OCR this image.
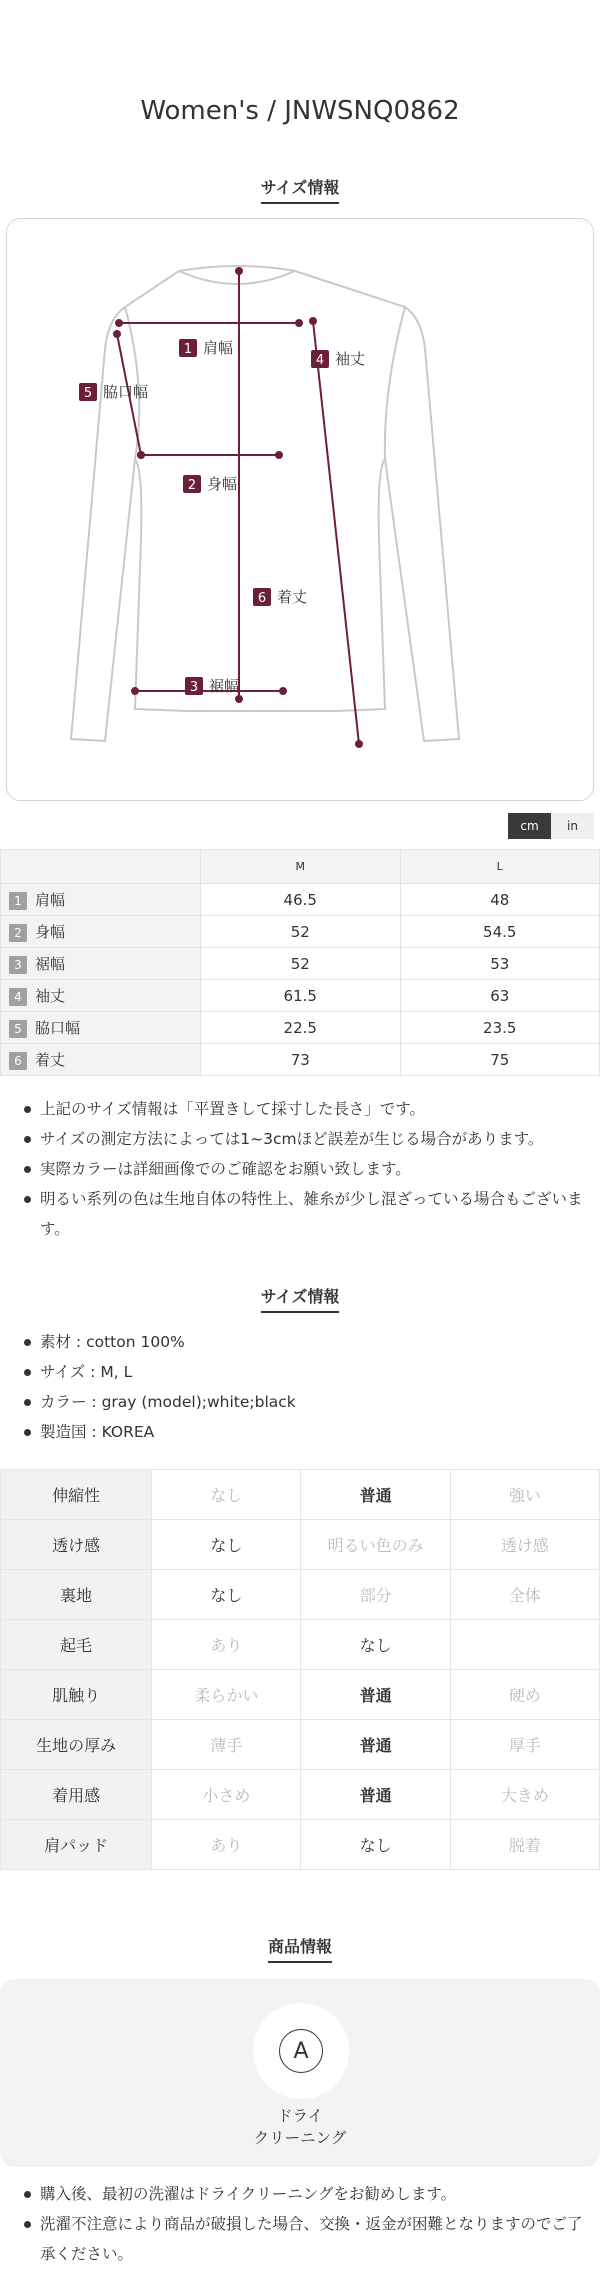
Women's / JNWSNQ0862
サイズ情報
1 肩幅
2 身幅
3 裾幅
4 袖丈
5 脇口幅
6 着丈
cm	in
	M	L
1 肩幅	46.5	48
2 身幅	52	54.5
3 裾幅	52	53
4 袖丈	61.5	63
5 脇口幅	22.5	23.5
6 着丈	73	75
上記のサイズ情報は「平置きして採寸した長さ」です。
サイズの測定方法によっては1~3cmほど誤差が生じる場合があります。
実際カラーは詳細画像でのご確認をお願い致します。
明るい系列の色は生地自体の特性上、雑糸が少し混ざっている場合もございます。
サイズ情報
素材 : cotton 100%
サイズ : M, L
カラー : gray (model);white;black
製造国 : KOREA
伸縮性	なし	普通	強い
透け感	なし	明るい色のみ	透け感
裏地	なし	部分	全体
起毛	あり	なし	
肌触り	柔らかい	普通	硬め
生地の厚み	薄手	普通	厚手
着用感	小さめ	普通	大きめ
肩パッド	あり	なし	脱着
商品情報
A
ドライ
クリーニング
購入後、最初の洗濯はドライクリーニングをお勧めします。
洗濯不注意により商品が破損した場合、交換・返金が困難となりますのでご了承ください。
